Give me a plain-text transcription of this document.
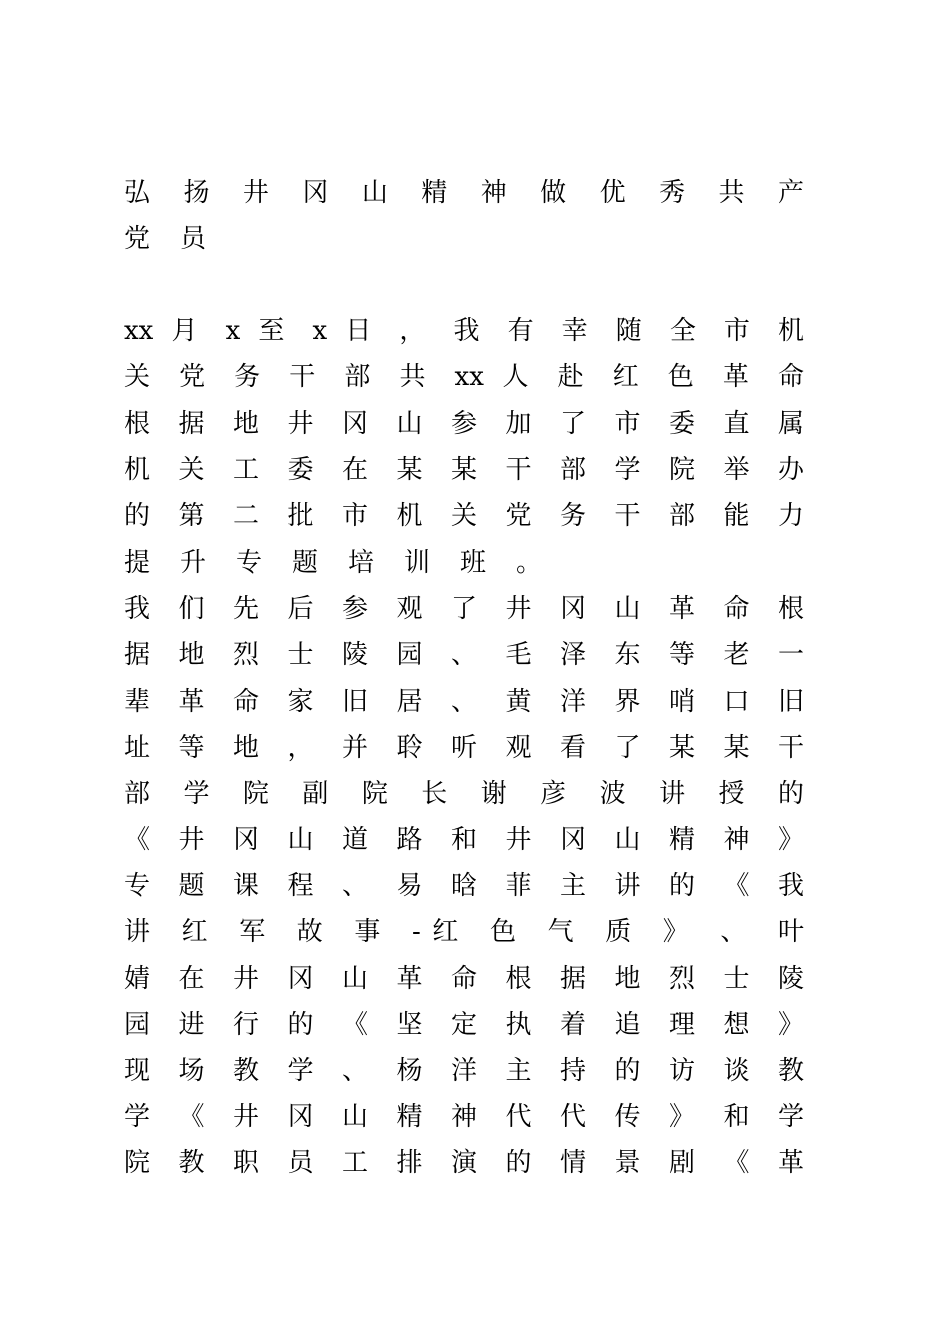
弘 扬 井 冈 山 精 神 做 优 秀 共 产
党员
xx 月 x 至 x 日 ， 我 有 幸 随 全 市 机
关 党 务 干 部 共 xx 人 赴 红 色 革 命
根 据 地 井 冈 山 参 加 了 市 委 直 属
机 关 工 委 在 某 某 干 部 学 院 举 办
的 第 二 批 市 机 关 党 务 干 部 能 力
提升专题培训班。
我 们 先 后 参 观 了 井 冈 山 革 命 根
据 地 烈 士 陵 园 、 毛 泽 东 等 老 一
辈 革 命 家 旧 居 、 黄 洋 界 哨 口 旧
址 等 地 ， 并 聆 听 观 看 了 某 某 干
部 学 院 副 院 长 谢 彦 波 讲 授 的
《 井 冈 山 道 路 和 井 冈 山 精 神 》
专 题 课 程 、 易 晗 菲 主 讲 的 《 我
讲 红 军 故 事 -红 色 气 质 》 、 叶
婧 在 井 冈 山 革 命 根 据 地 烈 士 陵
园 进 行 的 《 坚 定 执 着 追 理 想 》
现 场 教 学 、 杨 洋 主 持 的 访 谈 教
学 《 井 冈 山 精 神 代 代 传 》 和 学
院 教 职 员 工 排 演 的 情 景 剧 《 革
